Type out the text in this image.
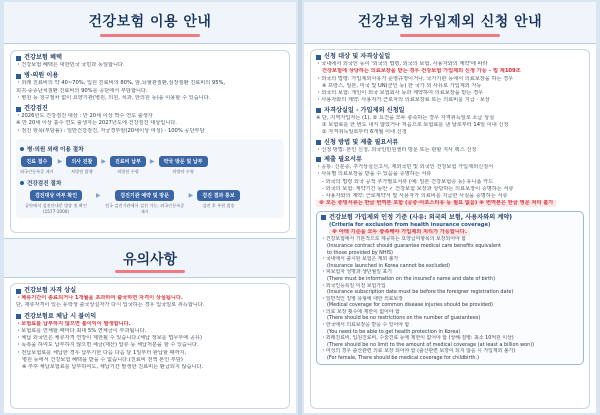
건강보험 이용 안내
건강보험 혜택
・건강보험 혜택은 대한민국 국민과 동일합니다.
병·의원 이용
・외래 진료비의 약 40~70%, 입원 진료비의 80%, 암,뇌혈관질환,심장질환 진료비의 95%,
희귀·중증난치질환 진료비의 90%를 공단에서 부담합니다.
・병원 등 청구절차 없이 요양기관(병원, 의원, 치과, 한의원 등)을 이용할 수 있습니다.
건강검진
・2026년도 건강검진 대상 : 만 20세 이상 짝수 연도 출생자
※ 만 20세 이상 홀수 연도 출생자는 2027년도에 건강검진 대상입니다.
・검진 항목(부담률) : 일반건강검진, 자궁경부암(20세이상 여성) - 100% 공단부담
병·의원 외래 이용 절차
진료 접수
외국인등록증 제시
▶	의사 진찰
처방전 발행
▶	진료비 납부
처방전 수령
▶	약국 방문 및 납부
처방약 수령
건강검진 절차
검진대상 여부 확인
공단에서 검진안내문 발송 및 확인 (1577-1000)
▶	검진기관 예약 및 방문
전국 검진기관에서 검진 가능, 외국인등록증 제시
▶	검진 결과 통보
검진 후 우편 발송
유의사항
건강보험 자격 상실
・체류기간이 종료되거나 1개월을 초과하여 출국하면 자격이 상실됩니다.
단, 재류자격이 있는 유학생 출국상실자가 다시 입국하는 경우 입국일로 취득합니다.
건강보험료 체납 시 불이익
・보험료를 납부하지 않으면 불이익이 발생합니다.
・보험료를 연체할 때마다 최대 5% 연체금이 부과됩니다.
・체납 외국인은 체류자격 연장이 제한될 수 있습니다.(체납 정보를 법무부에 공유)
・독촉을 하여도 납부하지 않으면 예금(재산) 압류 등 체납처분을 할 수 있습니다.
・전납보험료를 체납한 경우 납부기한 다음 다음 달 1일부터 완납할 때까지,
병원 등에서 건강보험 혜택을 받을 수 없습니다.(진료비 전액 본인 부담)
※ 추후 체납보험료를 납부하여도, 체납기간 발생한 진료비는 환급되지 않습니다.
건강보험 가입제외 신청 안내
신청 대상 및 자격상실일
・국내에서 외국인 등이 '외국의 법령, 외국의 보험, 사용자와의 계약'에 따라
건강보험에 상당하는 의료보장을 받는 경우 건강보험 가입제외 신청 가능 – 법 제109조
・외국의 법령: 가입제외사유가 준영규정이거나, 국가기관 등에서 의료보장을 하는 경우
※ 프랑스, 일본, 미국 및 UN(군인 등) 한 국가 외 사유로 가입제외 가능
・외국의 보험: 개인이 외국 보험회사 등과 계약하여 의료보장을 받는 경우
・사용자와의 계약: 사용자가 근로자의 의료보장료 또는 의료비를 지급 · 보상
자격상실일 · 가입제외 신청일
※ 단, 지역가입자는 (1), ② 요건을 모두 충족하는 경우 자격취득일로 소급 상실
① 보험료를 한 번도 내지 않았거나 처음으로 보험료를 낸 날로부터 14일 이내 신청
② 자격취득일로부터 6개월 이내 신청
신청 방법 및 제출 필요서류
・신청 방법: 본인 신청, 외국인민원센터 방문 또는 관할 지사 팩스 신청
제출 필요서류
・공통: 신분증, 주거상실신고서, 제외국민 및 외국인 건강보험 가입제외신청서
・사유별 의료보장을 받을 수 있음을 증명하는 서류
- 외국의 법령 외국 공적 추가필요서류 (예: 일본 건강보험증 등) 유니폼 카드
- 외국의 보험: 계약기간 동안 ✓ 건강보험 보장과 상당하는 의료보장이 증명하는 서류
- 사용자와의 계약: 근로계약서 및 사용자가 의료비를 지급한 사실을 증명하는 서류
※ 모든 증빙서류는 한글 번역본 포함 (공증·아포스티유 등 필요 없음) ※ 번역본은 한글 영문 처리 불가
건강보험 가입제외 인정 기준 (사유: 외국의 보험, 사용자와의 계약)
(Criteria for exclusion from health insurance coverage)
※ 아래 기준을 모두 충족해야 가입제외 처리가 가능합니다.
・건강보험에서 기본적으로 제공하는 요양급여항목의 보장되어야 함
(Insurance contract should guarantee medical care benefits equivalent
to those provided by NHIS)
・국내에서 출시된 보험은 제외 불가
(Insurance launched in Korea cannot be excluded)
・피보험자 성명과 생년월일 표기
(There must be information on the insured's name and date of birth)
・외국인등록일 이전 보험가입
(Insurance subscription date must be before the foreigner registration date)
・일반적인 질병 유형에 대한 의료보장
(Medical coverage for common disease injuries should be provided)
・의료 보장 횟수에 제한이 없어야 함
(There should be no restrictions on the number of guarantees)
・한국에서 의료보장을 받을 수 있어야 함
(You need to be able to get health protection in Korea)
・외래진료비, 입원진료비, 수술진료 등에 제한이 없어야 함 (상해·질병: 최소 10억원 이상)
(There should be no limit to the amount of medical coverage (at least a billion won))
・여성의 경우 출산관련 의료 보장 되어야 함 (출산관련 보장이 되지 않을 시 가입제외 불가)
(For female, There should be medical coverage for childbirth.)
